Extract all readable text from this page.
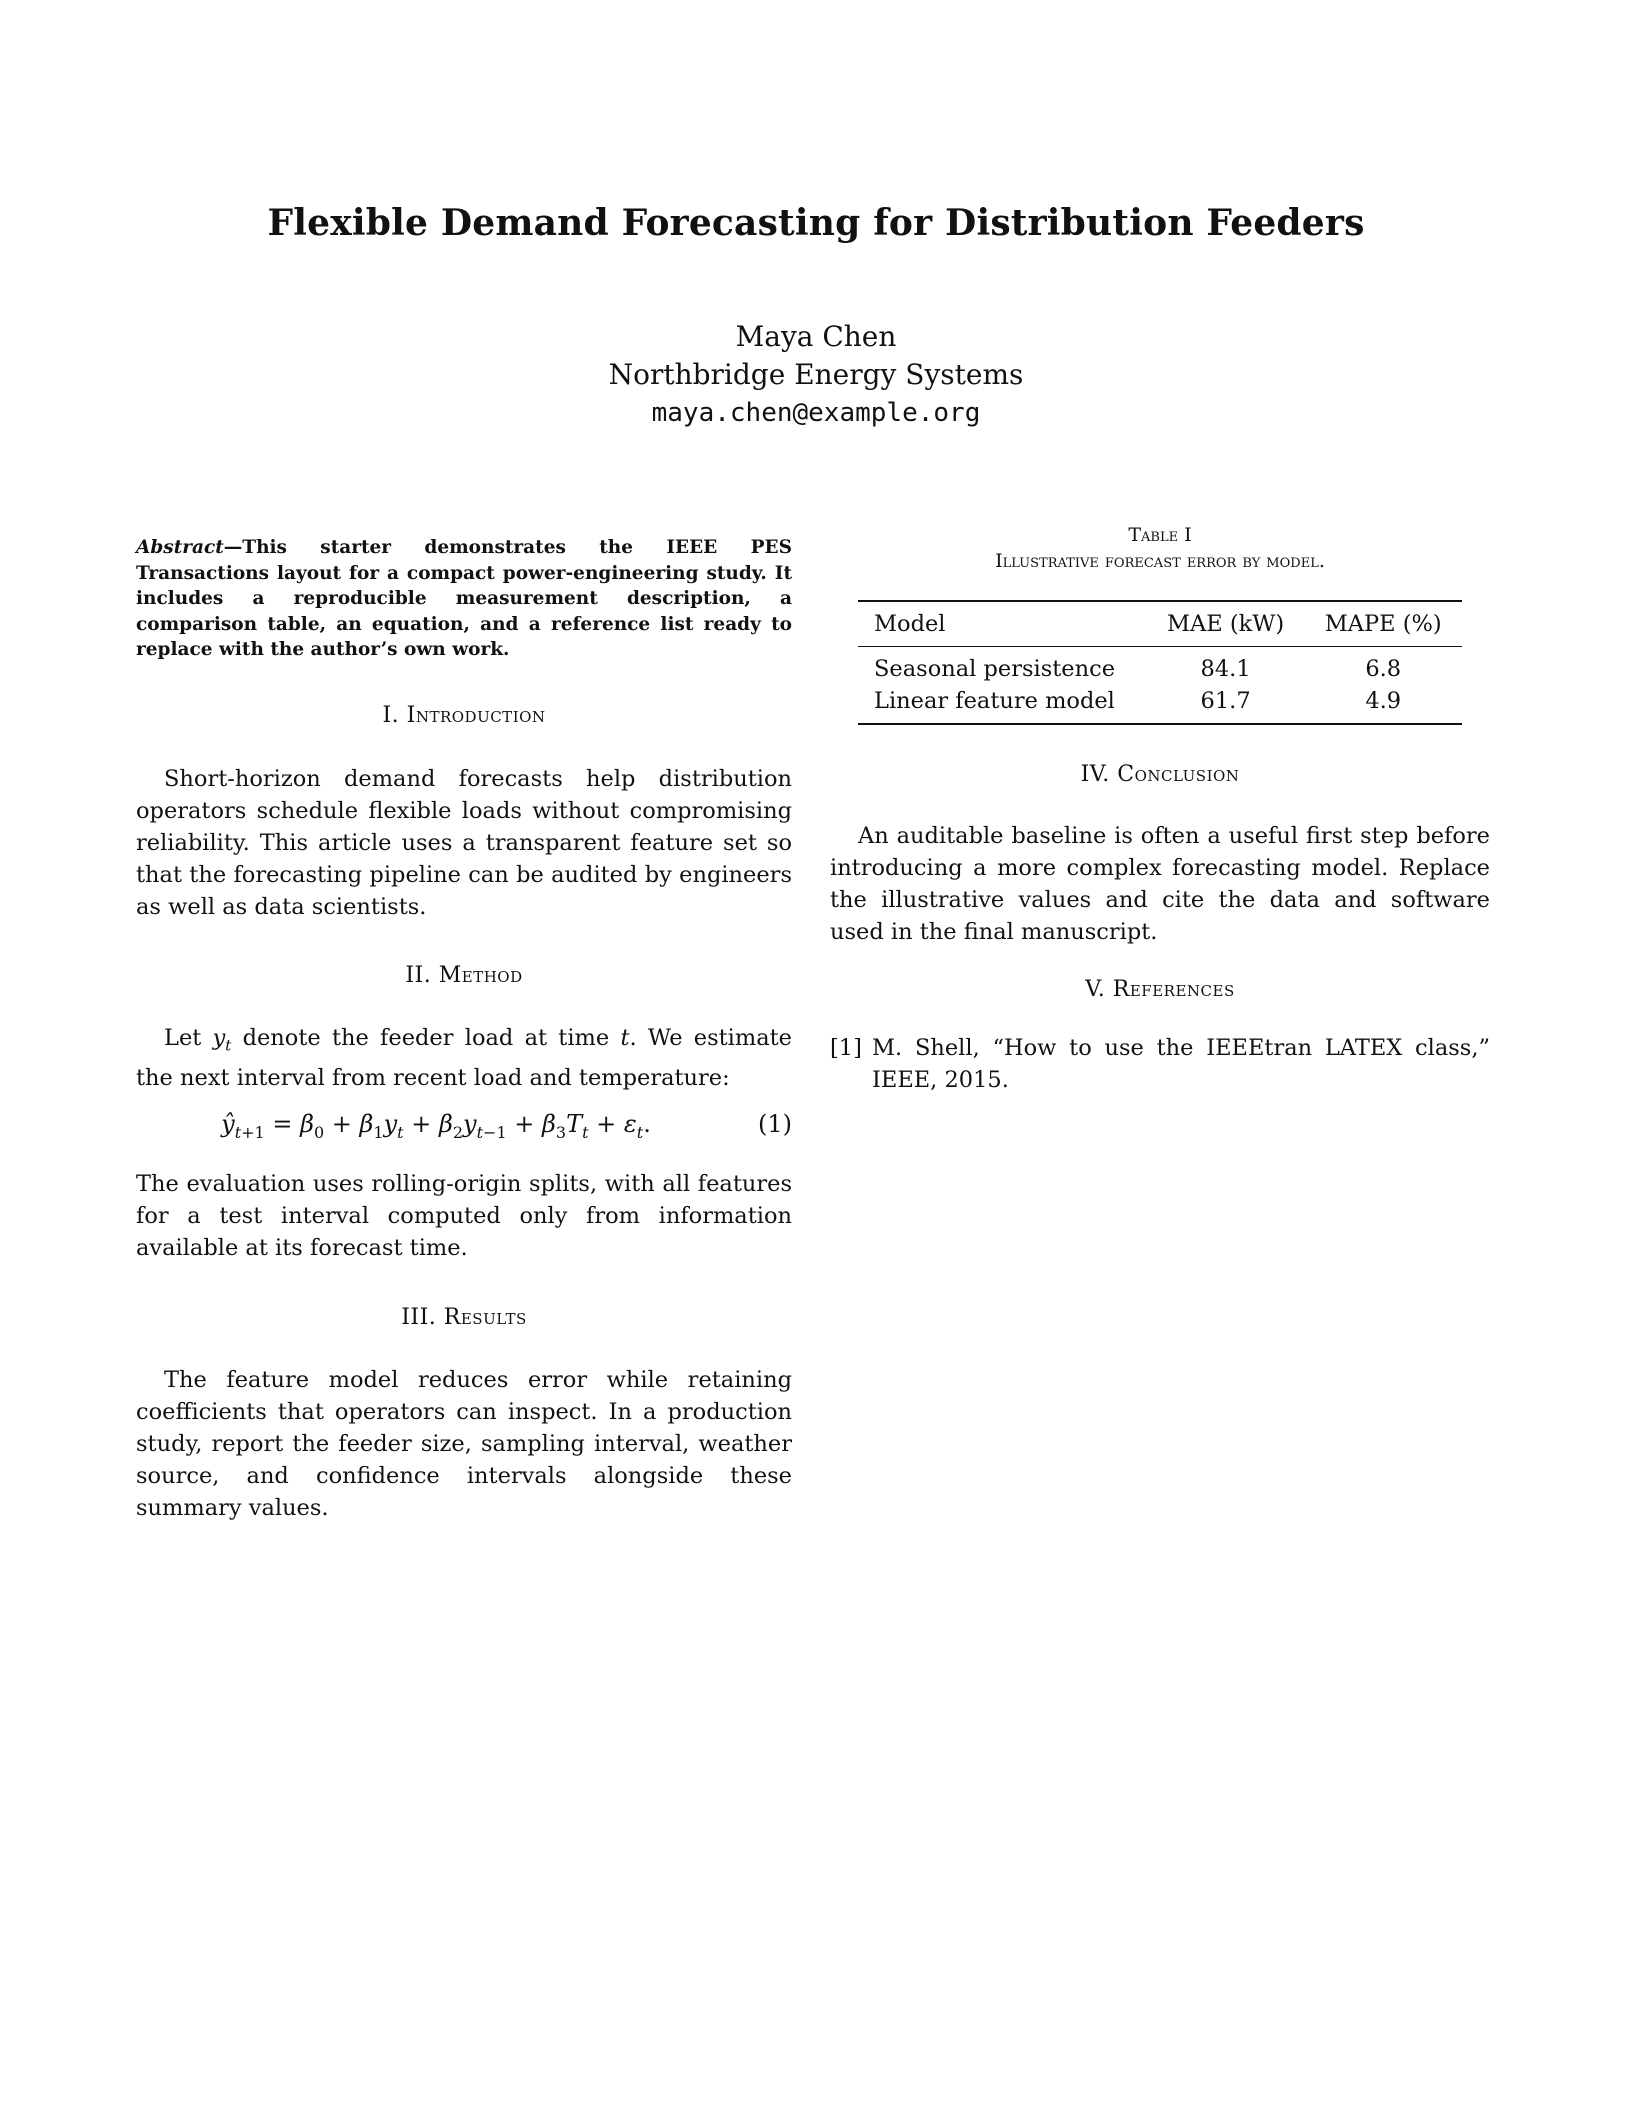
Flexible Demand Forecasting for Distribution Feeders
Maya Chen
Northbridge Energy Systems
maya.chen@example.org
Abstract—This starter demonstrates the IEEE PES Transactions layout for a compact power-engineering study. It includes a reproducible measurement description, a comparison table, an equation, and a reference list ready to replace with the author’s own work.
I. Introduction
Short-horizon demand forecasts help distribution operators schedule flexible loads without compromising reliability. This article uses a transparent feature set so that the forecasting pipeline can be audited by engineers as well as data scientists.
II. Method
Let $y_t$ denote the feeder load at time t. We estimate the next interval from recent load and temperature:
$ŷ_{t+1} = \beta_0 + \beta_1y_t + \beta_2y_{t-1} + \beta_3T_t + \varepsilon_t$.	(1)
The evaluation uses rolling-origin splits, with all features for a test interval computed only from information available at its forecast time.
III. Results
The feature model reduces error while retaining coefficients that operators can inspect. In a production study, report the feeder size, sampling interval, weather source, and confidence intervals alongside these summary values.
Table I
Illustrative forecast error by model.
Model	MAE (kW)	MAPE (%)
Seasonal persistence	84.1	6.8
Linear feature model	61.7	4.9
IV. Conclusion
An auditable baseline is often a useful first step before introducing a more complex forecasting model. Replace the illustrative values and cite the data and software used in the final manuscript.
V. References
[1] M. Shell, “How to use the IEEEtran LATEX class,” IEEE, 2015.
